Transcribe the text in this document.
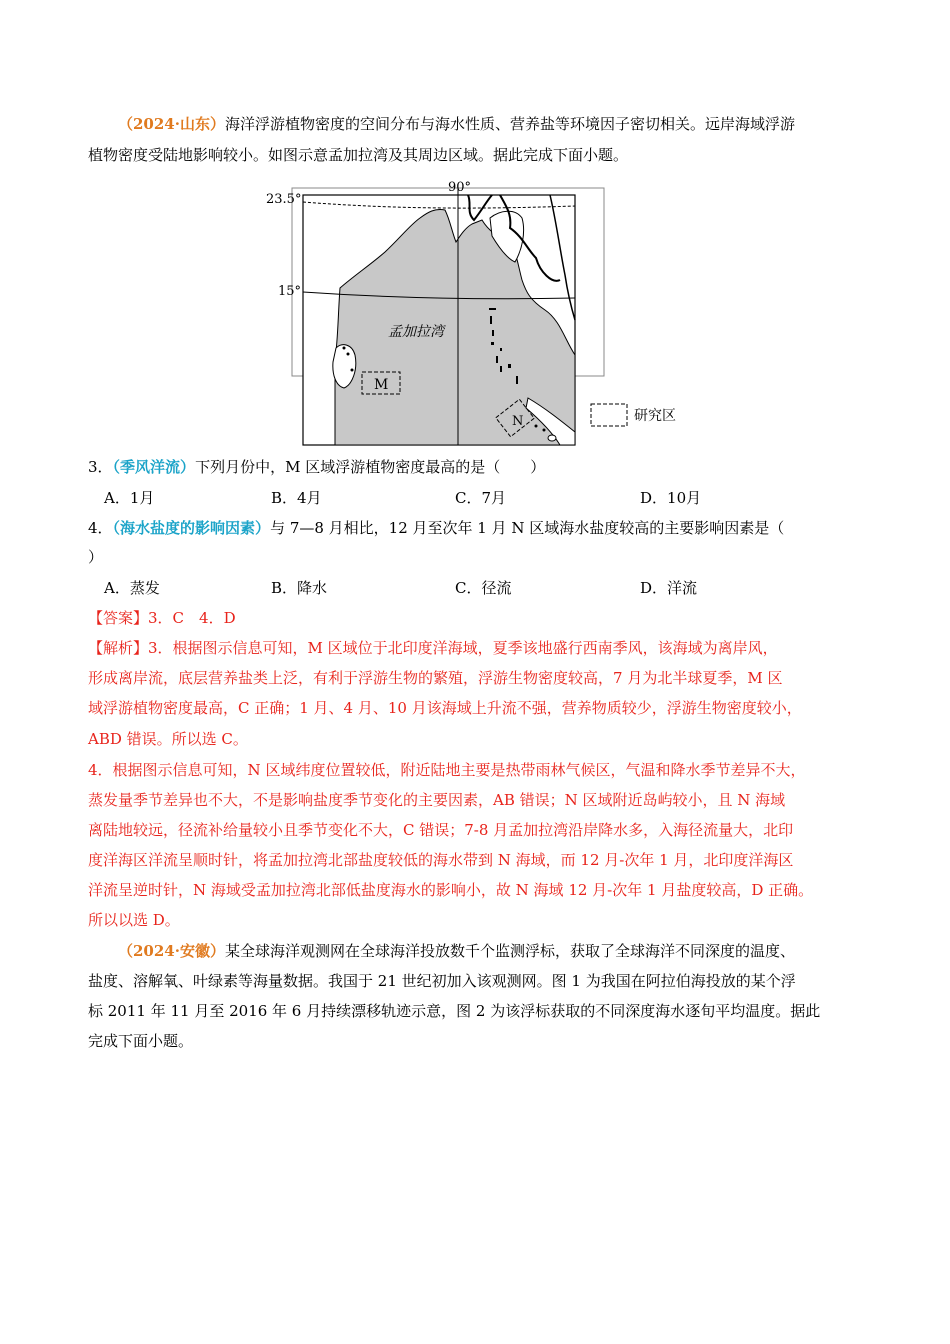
（2024·山东）海洋浮游植物密度的空间分布与海水性质、营养盐等环境因子密切相关。远岸海域浮游
植物密度受陆地影响较小。如图示意孟加拉湾及其周边区域。据此完成下面小题。
90°
23.5°
15°
孟加拉湾
M
N	研究区
3．（季风洋流）下列月份中，M 区域浮游植物密度最高的是（　　）
A．1月	B．4月	C．7月	D．10月
4．（海水盐度的影响因素）与 7—8 月相比，12 月至次年 1 月 N 区域海水盐度较高的主要影响因素是（
）
A．蒸发	B．降水	C．径流	D．洋流
【答案】3．C　4．D
【解析】3．根据图示信息可知，M 区域位于北印度洋海域，夏季该地盛行西南季风，该海域为离岸风，
形成离岸流，底层营养盐类上泛，有利于浮游生物的繁殖，浮游生物密度较高，7 月为北半球夏季，M 区
域浮游植物密度最高，C 正确；1 月、4 月、10 月该海域上升流不强，营养物质较少，浮游生物密度较小，
ABD 错误。所以选 C。
4．根据图示信息可知，N 区域纬度位置较低，附近陆地主要是热带雨林气候区，气温和降水季节差异不大，
蒸发量季节差异也不大，不是影响盐度季节变化的主要因素，AB 错误；N 区域附近岛屿较小，且 N 海域
离陆地较远，径流补给量较小且季节变化不大，C 错误；7-8 月孟加拉湾沿岸降水多，入海径流量大，北印
度洋海区洋流呈顺时针，将孟加拉湾北部盐度较低的海水带到 N 海域，而 12 月-次年 1 月，北印度洋海区
洋流呈逆时针，N 海域受孟加拉湾北部低盐度海水的影响小，故 N 海域 12 月-次年 1 月盐度较高，D 正确。
所以以选 D。
（2024·安徽）某全球海洋观测网在全球海洋投放数千个监测浮标，获取了全球海洋不同深度的温度、
盐度、溶解氧、叶绿素等海量数据。我国于 21 世纪初加入该观测网。图 1 为我国在阿拉伯海投放的某个浮
标 2011 年 11 月至 2016 年 6 月持续漂移轨迹示意，图 2 为该浮标获取的不同深度海水逐旬平均温度。据此
完成下面小题。
